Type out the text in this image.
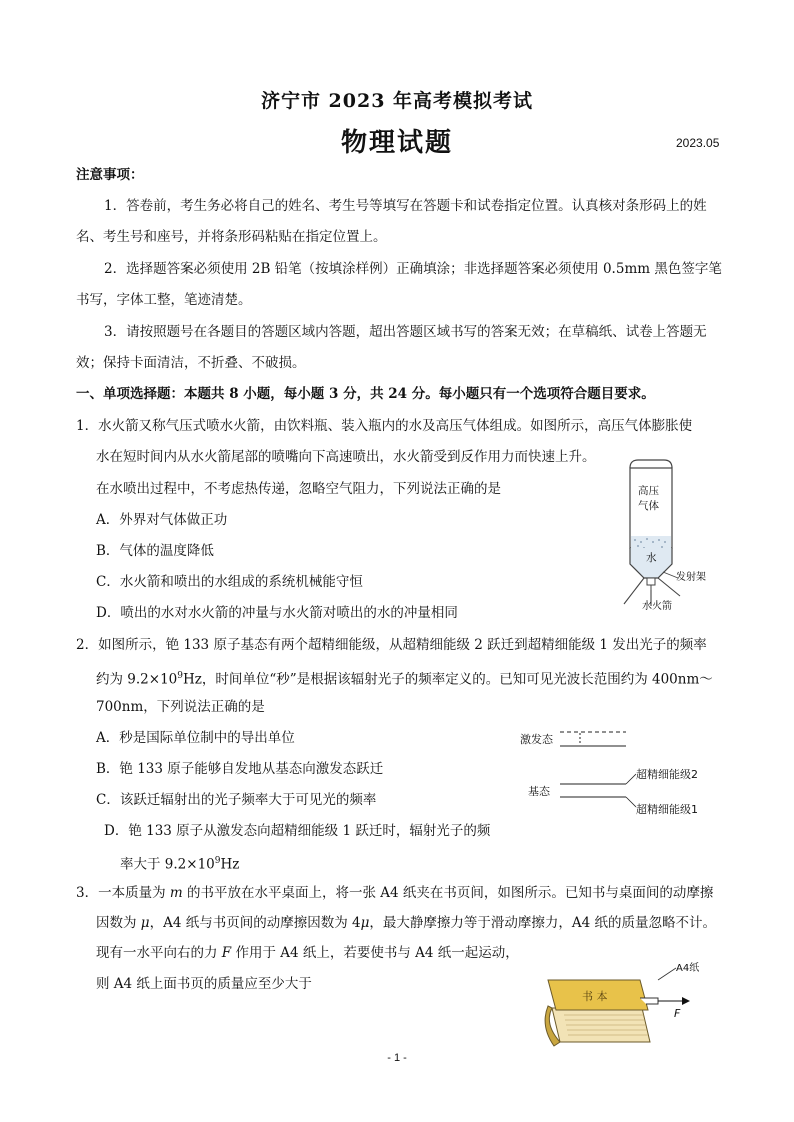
济宁市 2023 年高考模拟考试
物理试题	2023.05
注意事项：
1．答卷前，考生务必将自己的姓名、考生号等填写在答题卡和试卷指定位置。认真核对条形码上的姓
名、考生号和座号，并将条形码粘贴在指定位置上。
2．选择题答案必须使用 2B 铅笔（按填涂样例）正确填涂；非选择题答案必须使用 0.5mm 黑色签字笔
书写，字体工整，笔迹清楚。
3．请按照题号在各题目的答题区域内答题，超出答题区域书写的答案无效；在草稿纸、试卷上答题无
效；保持卡面清洁，不折叠、不破损。
一、单项选择题：本题共 8 小题，每小题 3 分，共 24 分。每小题只有一个选项符合题目要求。
1．水火箭又称气压式喷水火箭，由饮料瓶、装入瓶内的水及高压气体组成。如图所示，高压气体膨胀使
水在短时间内从水火箭尾部的喷嘴向下高速喷出，水火箭受到反作用力而快速上升。
在水喷出过程中，不考虑热传递，忽略空气阻力，下列说法正确的是
A．外界对气体做正功
B．气体的温度降低
C．水火箭和喷出的水组成的系统机械能守恒
D．喷出的水对水火箭的冲量与水火箭对喷出的水的冲量相同
高压
气体
水
发射架
水火箭
2．如图所示，铯 133 原子基态有两个超精细能级，从超精细能级 2 跃迁到超精细能级 1 发出光子的频率
约为 $9.2\times 10^9Hz$，时间单位“秒”是根据该辐射光子的频率定义的。已知可见光波长范围约为 400nm～
700nm，下列说法正确的是
A．秒是国际单位制中的导出单位
B．铯 133 原子能够自发地从基态向激发态跃迁
C．该跃迁辐射出的光子频率大于可见光的频率
D．铯 133 原子从激发态向超精细能级 1 跃迁时，辐射光子的频
率大于 $9.2\times 10^9Hz$
激发态
基态
超精细能级2
超精细能级1
3．一本质量为 m 的书平放在水平桌面上，将一张 A4 纸夹在书页间，如图所示。已知书与桌面间的动摩擦
因数为 μ，A4 纸与书页间的动摩擦因数为 4μ，最大静摩擦力等于滑动摩擦力，A4 纸的质量忽略不计。
现有一水平向右的力 F 作用于 A4 纸上，若要使书与 A4 纸一起运动，
则 A4 纸上面书页的质量应至少大于
书 本
A4纸
F
- 1 -
